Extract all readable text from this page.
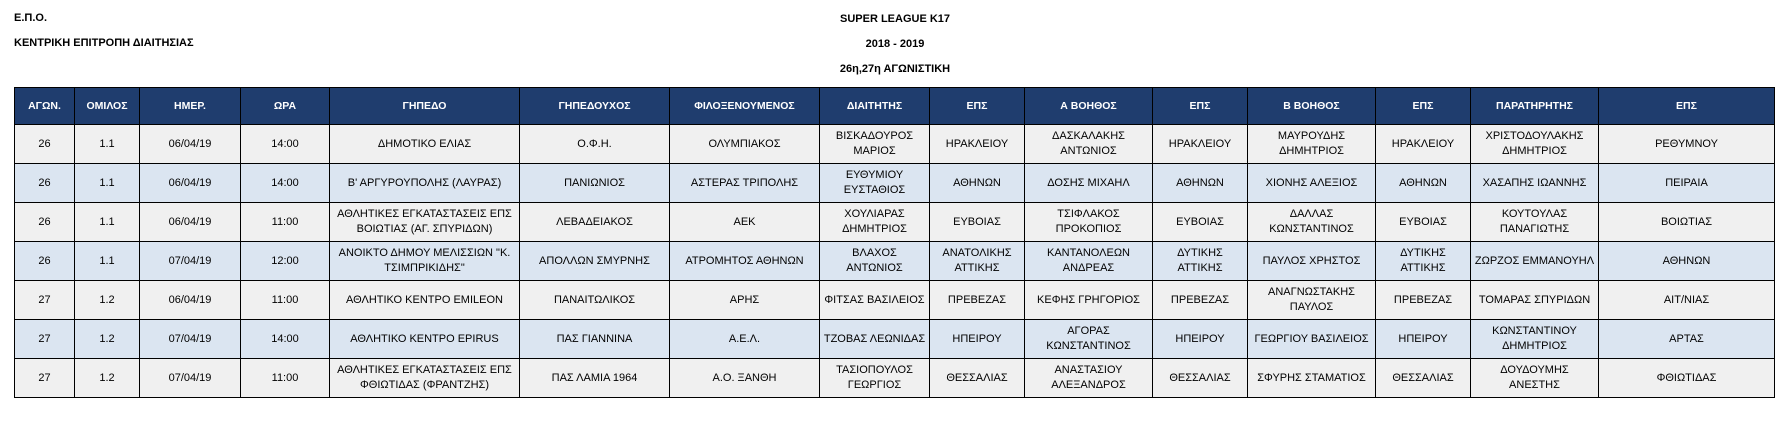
Ε.Π.Ο.
ΚΕΝΤΡΙΚΗ ΕΠΙΤΡΟΠΗ ΔΙΑΙΤΗΣΙΑΣ
SUPER LEAGUE K17
2018 - 2019
26η,27η ΑΓΩΝΙΣΤΙΚΗ
ΑΓΩΝ.	ΟΜΙΛΟΣ	ΗΜΕΡ.	ΩΡΑ	ΓΗΠΕΔΟ	ΓΗΠΕΔΟΥΧΟΣ	ΦΙΛΟΞΕΝΟΥΜΕΝΟΣ	ΔΙΑΙΤΗΤΗΣ	ΕΠΣ	Α ΒΟΗΘΟΣ	ΕΠΣ	Β ΒΟΗΘΟΣ	ΕΠΣ	ΠΑΡΑΤΗΡΗΤΗΣ	ΕΠΣ
26	1.1	06/04/19	14:00	ΔΗΜΟΤΙΚΟ ΕΛΙΑΣ	Ο.Φ.Η.	ΟΛΥΜΠΙΑΚΟΣ	ΒΙΣΚΑΔΟΥΡΟΣ ΜΑΡΙΟΣ	ΗΡΑΚΛΕΙΟΥ	ΔΑΣΚΑΛΑΚΗΣ ΑΝΤΩΝΙΟΣ	ΗΡΑΚΛΕΙΟΥ	ΜΑΥΡΟΥΔΗΣ ΔΗΜΗΤΡΙΟΣ	ΗΡΑΚΛΕΙΟΥ	ΧΡΙΣΤΟΔΟΥΛΑΚΗΣ ΔΗΜΗΤΡΙΟΣ	ΡΕΘΥΜΝΟΥ
26	1.1	06/04/19	14:00	Β' ΑΡΓΥΡΟΥΠΟΛΗΣ (ΛΑΥΡΑΣ)	ΠΑΝΙΩΝΙΟΣ	ΑΣΤΕΡΑΣ ΤΡΙΠΟΛΗΣ	ΕΥΘΥΜΙΟΥ ΕΥΣΤΑΘΙΟΣ	ΑΘΗΝΩΝ	ΔΟΣΗΣ ΜΙΧΑΗΛ	ΑΘΗΝΩΝ	ΧΙΟΝΗΣ ΑΛΕΞΙΟΣ	ΑΘΗΝΩΝ	ΧΑΣΑΠΗΣ ΙΩΑΝΝΗΣ	ΠΕΙΡΑΙΑ
26	1.1	06/04/19	11:00	ΑΘΛΗΤΙΚΕΣ ΕΓΚΑΤΑΣΤΑΣΕΙΣ ΕΠΣ ΒΟΙΩΤΙΑΣ (ΑΓ. ΣΠΥΡΙΔΩΝ)	ΛΕΒΑΔΕΙΑΚΟΣ	ΑΕΚ	ΧΟΥΛΙΑΡΑΣ ΔΗΜΗΤΡΙΟΣ	ΕΥΒΟΙΑΣ	ΤΣΙΦΛΑΚΟΣ ΠΡΟΚΟΠΙΟΣ	ΕΥΒΟΙΑΣ	ΔΑΛΛΑΣ ΚΩΝΣΤΑΝΤΙΝΟΣ	ΕΥΒΟΙΑΣ	ΚΟΥΤΟΥΛΑΣ ΠΑΝΑΓΙΩΤΗΣ	ΒΟΙΩΤΙΑΣ
26	1.1	07/04/19	12:00	ΑΝΟΙΚΤΟ ΔΗΜΟΥ ΜΕΛΙΣΣΙΩΝ "Κ. ΤΣΙΜΠΡΙΚΙΔΗΣ"	ΑΠΟΛΛΩΝ ΣΜΥΡΝΗΣ	ΑΤΡΟΜΗΤΟΣ ΑΘΗΝΩΝ	ΒΛΑΧΟΣ ΑΝΤΩΝΙΟΣ	ΑΝΑΤΟΛΙΚΗΣ ΑΤΤΙΚΗΣ	ΚΑΝΤΑΝΟΛΕΩΝ ΑΝΔΡΕΑΣ	ΔΥΤΙΚΗΣ ΑΤΤΙΚΗΣ	ΠΑΥΛΟΣ ΧΡΗΣΤΟΣ	ΔΥΤΙΚΗΣ ΑΤΤΙΚΗΣ	ΖΩΡΖΟΣ ΕΜΜΑΝΟΥΗΛ	ΑΘΗΝΩΝ
27	1.2	06/04/19	11:00	ΑΘΛΗΤΙΚΟ ΚΕΝΤΡΟ EMILEON	ΠΑΝΑΙΤΩΛΙΚΟΣ	ΑΡΗΣ	ΦΙΤΣΑΣ ΒΑΣΙΛΕΙΟΣ	ΠΡΕΒΕΖΑΣ	ΚΕΦΗΣ ΓΡΗΓΟΡΙΟΣ	ΠΡΕΒΕΖΑΣ	ΑΝΑΓΝΩΣΤΑΚΗΣ ΠΑΥΛΟΣ	ΠΡΕΒΕΖΑΣ	ΤΟΜΑΡΑΣ ΣΠΥΡΙΔΩΝ	ΑΙΤ/ΝΙΑΣ
27	1.2	07/04/19	14:00	ΑΘΛΗΤΙΚΟ ΚΕΝΤΡΟ EPIRUS	ΠΑΣ ΓΙΑΝΝΙΝΑ	Α.Ε.Λ.	ΤΖΟΒΑΣ ΛΕΩΝΙΔΑΣ	ΗΠΕΙΡΟΥ	ΑΓΟΡΑΣ ΚΩΝΣΤΑΝΤΙΝΟΣ	ΗΠΕΙΡΟΥ	ΓΕΩΡΓΙΟΥ ΒΑΣΙΛΕΙΟΣ	ΗΠΕΙΡΟΥ	ΚΩΝΣΤΑΝΤΙΝΟΥ ΔΗΜΗΤΡΙΟΣ	ΑΡΤΑΣ
27	1.2	07/04/19	11:00	ΑΘΛΗΤΙΚΕΣ ΕΓΚΑΤΑΣΤΑΣΕΙΣ ΕΠΣ ΦΘΙΩΤΙΔΑΣ (ΦΡΑΝΤΖΗΣ)	ΠΑΣ ΛΑΜΙΑ 1964	Α.Ο. ΞΑΝΘΗ	ΤΑΣΙΟΠΟΥΛΟΣ ΓΕΩΡΓΙΟΣ	ΘΕΣΣΑΛΙΑΣ	ΑΝΑΣΤΑΣΙΟΥ ΑΛΕΞΑΝΔΡΟΣ	ΘΕΣΣΑΛΙΑΣ	ΣΦΥΡΗΣ ΣΤΑΜΑΤΙΟΣ	ΘΕΣΣΑΛΙΑΣ	ΔΟΥΔΟΥΜΗΣ ΑΝΕΣΤΗΣ	ΦΘΙΩΤΙΔΑΣ
